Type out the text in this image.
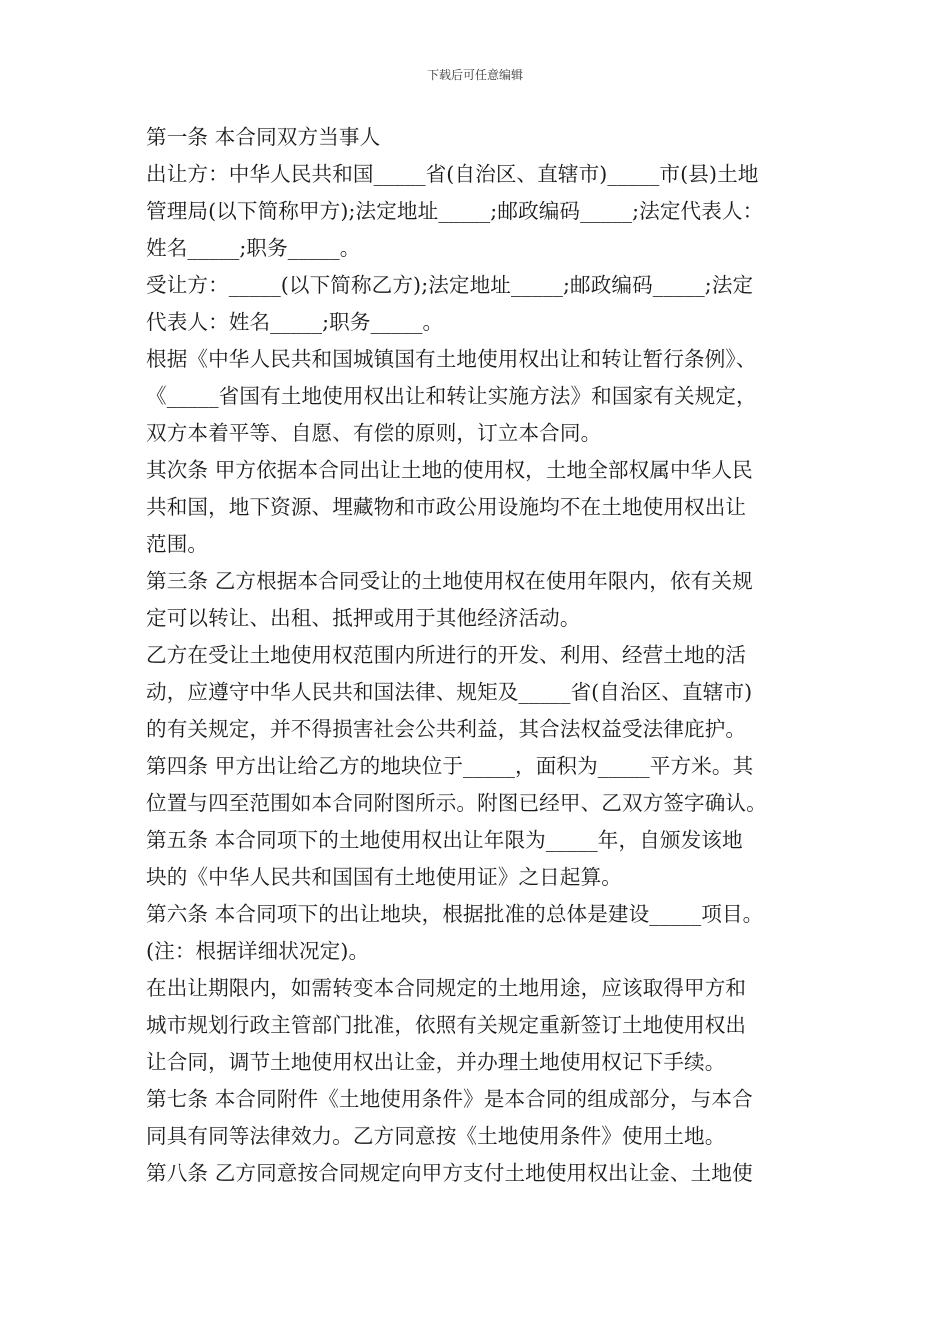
下载后可任意编辑
第一条 本合同双方当事人
出让方：中华人民共和国_____省(自治区、直辖市)_____市(县)土地
管理局(以下简称甲方);法定地址_____;邮政编码_____;法定代表人：
姓名_____;职务_____。
受让方：_____(以下简称乙方);法定地址_____;邮政编码_____;法定
代表人：姓名_____;职务_____。
根据《中华人民共和国城镇国有土地使用权出让和转让暂行条例》、
《_____省国有土地使用权出让和转让实施方法》和国家有关规定，
双方本着平等、自愿、有偿的原则，订立本合同。
其次条 甲方依据本合同出让土地的使用权，土地全部权属中华人民
共和国，地下资源、埋藏物和市政公用设施均不在土地使用权出让
范围。
第三条 乙方根据本合同受让的土地使用权在使用年限内，依有关规
定可以转让、出租、抵押或用于其他经济活动。
乙方在受让土地使用权范围内所进行的开发、利用、经营土地的活
动，应遵守中华人民共和国法律、规矩及_____省(自治区、直辖市)
的有关规定，并不得损害社会公共利益，其合法权益受法律庇护。
第四条 甲方出让给乙方的地块位于_____，面积为_____平方米。其
位置与四至范围如本合同附图所示。附图已经甲、乙双方签字确认。
第五条 本合同项下的土地使用权出让年限为_____年，自颁发该地
块的《中华人民共和国国有土地使用证》之日起算。
第六条 本合同项下的出让地块，根据批准的总体是建设_____项目。
(注：根据详细状况定)。
在出让期限内，如需转变本合同规定的土地用途，应该取得甲方和
城市规划行政主管部门批准，依照有关规定重新签订土地使用权出
让合同，调节土地使用权出让金，并办理土地使用权记下手续。
第七条 本合同附件《土地使用条件》是本合同的组成部分，与本合
同具有同等法律效力。乙方同意按《土地使用条件》使用土地。
第八条 乙方同意按合同规定向甲方支付土地使用权出让金、土地使
